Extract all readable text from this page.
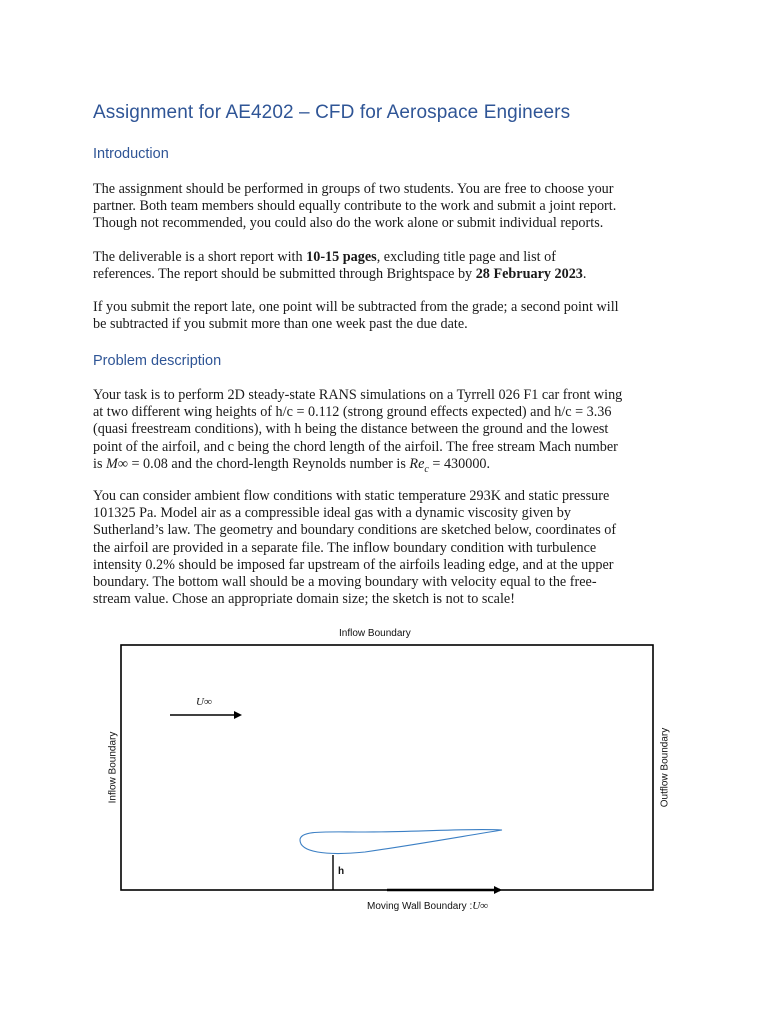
Assignment for AE4202 – CFD for Aerospace Engineers
Introduction

The assignment should be performed in groups of two students. You are free to choose your
partner. Both team members should equally contribute to the work and submit a joint report.
Though not recommended, you could also do the work alone or submit individual reports.

The deliverable is a short report with 10-15 pages, excluding title page and list of
references. The report should be submitted through Brightspace by 28 February 2023.

If you submit the report late, one point will be subtracted from the grade; a second point will
be subtracted if you submit more than one week past the due date.

Problem description

Your task is to perform 2D steady-state RANS simulations on a Tyrrell 026 F1 car front wing
at two different wing heights of h/c = 0.112 (strong ground effects expected) and h/c = 3.36
(quasi freestream conditions), with h being the distance between the ground and the lowest
point of the airfoil, and c being the chord length of the airfoil. The free stream Mach number
is M∞ = 0.08 and the chord-length Reynolds number is $Re_c = 430000$.

You can consider ambient flow conditions with static temperature 293K and static pressure
101325 Pa. Model air as a compressible ideal gas with a dynamic viscosity given by
Sutherland’s law. The geometry and boundary conditions are sketched below, coordinates of
the airfoil are provided in a separate file. The inflow boundary condition with turbulence
intensity 0.2% should be imposed far upstream of the airfoils leading edge, and at the upper
boundary. The bottom wall should be a moving boundary with velocity equal to the free-
stream value. Chose an appropriate domain size; the sketch is not to scale!

Inflow Boundary
Inflow Boundary	Outflow Boundary
U∞
h
Moving Wall Boundary :U∞
